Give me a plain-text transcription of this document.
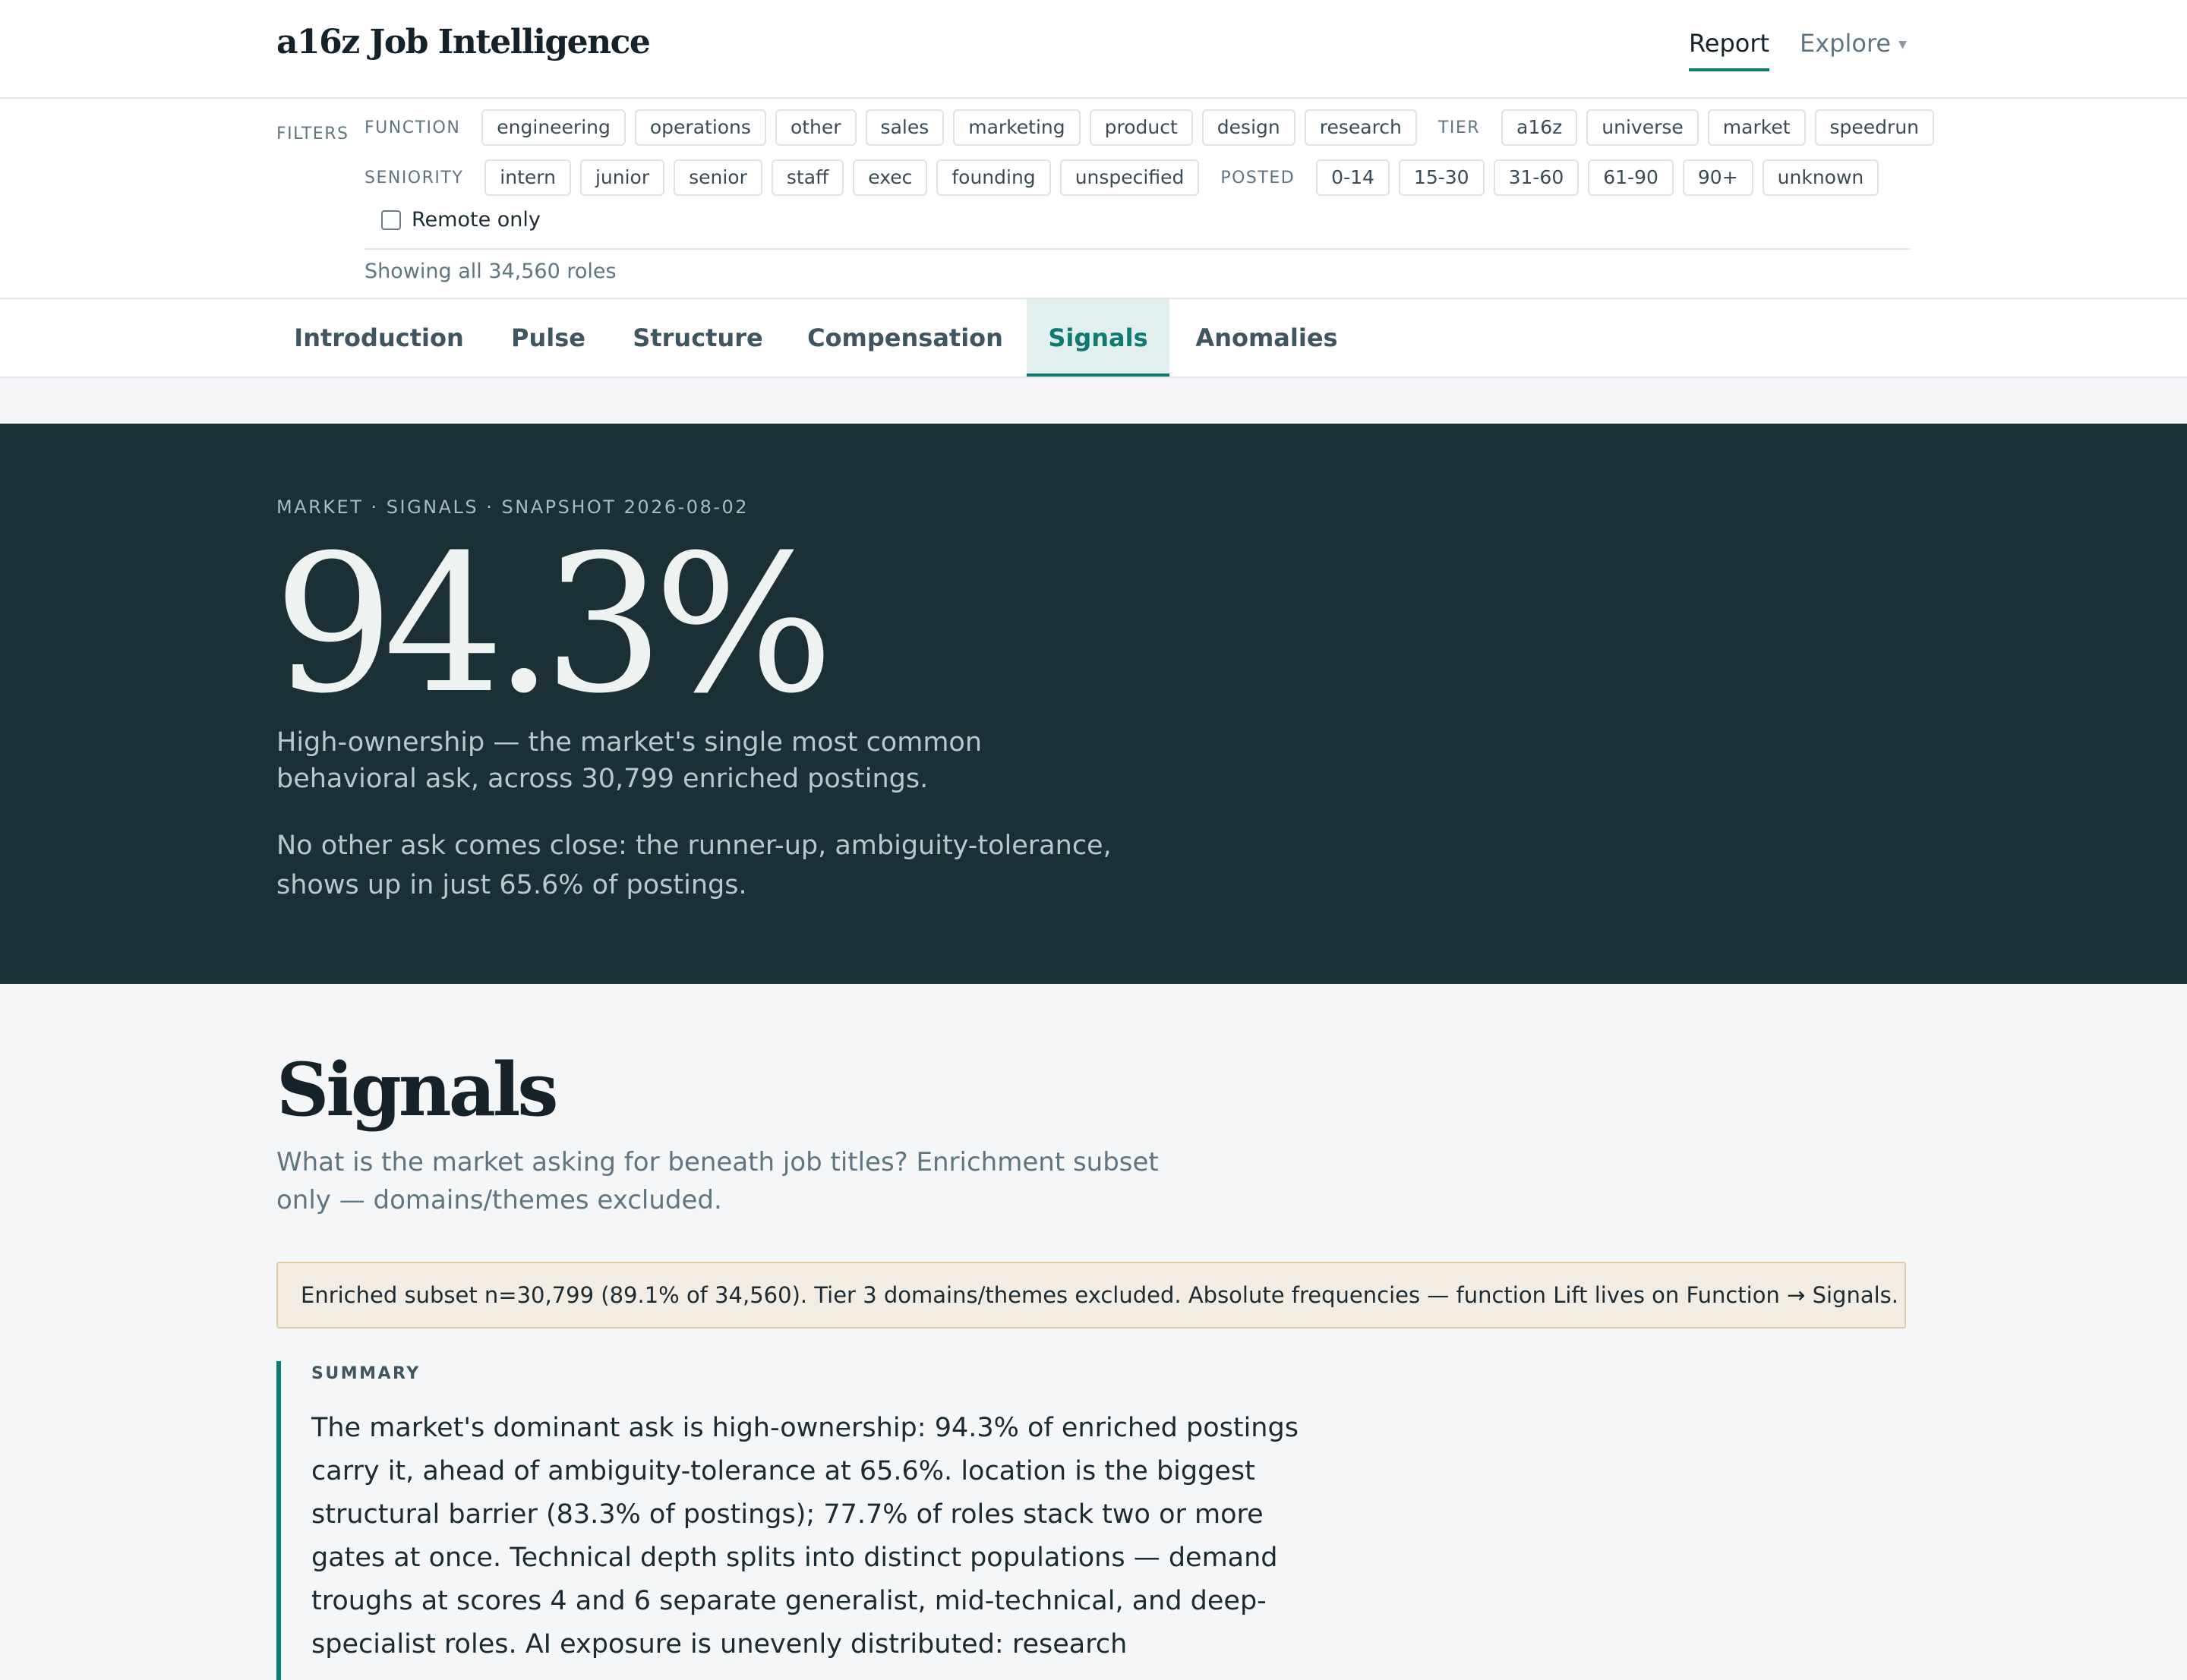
a16z Job Intelligence	Report Explore ▼
FILTERS FUNCTION	engineering	operations	other	sales	marketing	product	design	research	TIER	a16z	universe	market	speedrun
SENIORITY	intern	junior	senior	staff	exec	founding	unspecified	POSTED	0-14	15-30	31-60	61-90	90+	unknown
Remote only
Showing all 34,560 roles
Introduction	Pulse	Structure Compensation	Signals	Anomalies
MARKET · SIGNALS · SNAPSHOT 2026-08-02
94.3%
High-ownership — the market's single most common behavioral ask, across 30,799 enriched postings.
No other ask comes close: the runner-up, ambiguity-tolerance, shows up in just 65.6% of postings.
Signals
What is the market asking for beneath job titles? Enrichment subset only — domains/themes excluded.
Enriched subset n=30,799 (89.1% of 34,560). Tier 3 domains/themes excluded. Absolute frequencies — function Lift lives on Function → Signals.
SUMMARY
The market's dominant ask is high-ownership: 94.3% of enriched postings carry it, ahead of ambiguity-tolerance at 65.6%. location is the biggest structural barrier (83.3% of postings); 77.7% of roles stack two or more gates at once. Technical depth splits into distinct populations — demand troughs at scores 4 and 6 separate generalist, mid-technical, and deep-specialist roles. AI exposure is unevenly distributed: research
